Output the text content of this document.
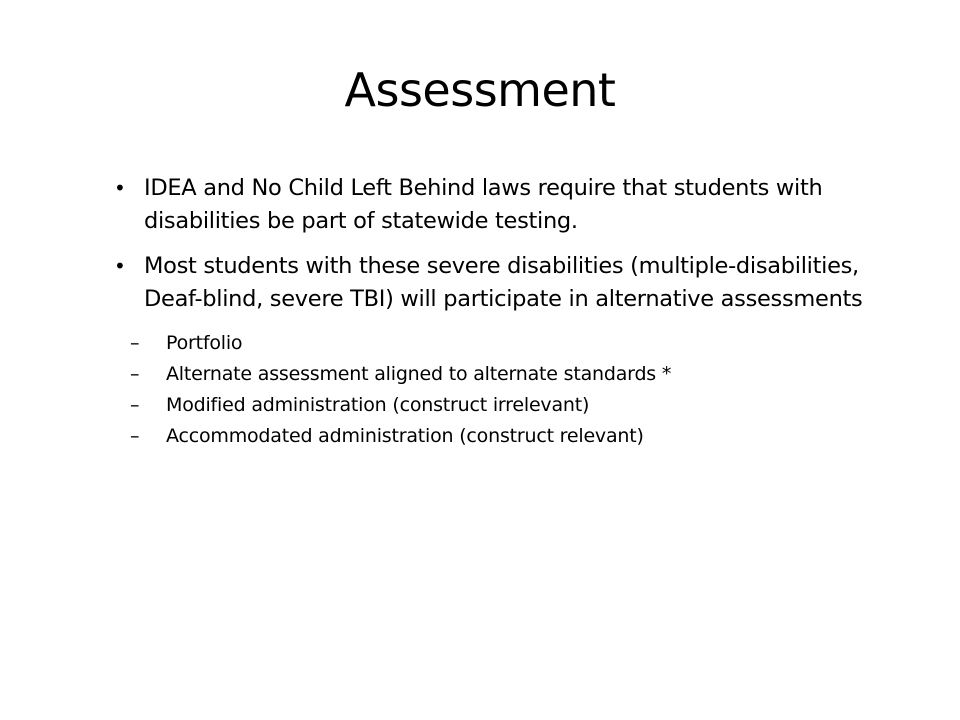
Assessment
• IDEA and No Child Left Behind laws require that students with disabilities be part of statewide testing.
• Most students with these severe disabilities (multiple-disabilities, Deaf-blind, severe TBI) will participate in alternative assessments
– Portfolio
– Alternate assessment aligned to alternate standards *
– Modified administration (construct irrelevant)
– Accommodated administration (construct relevant)
